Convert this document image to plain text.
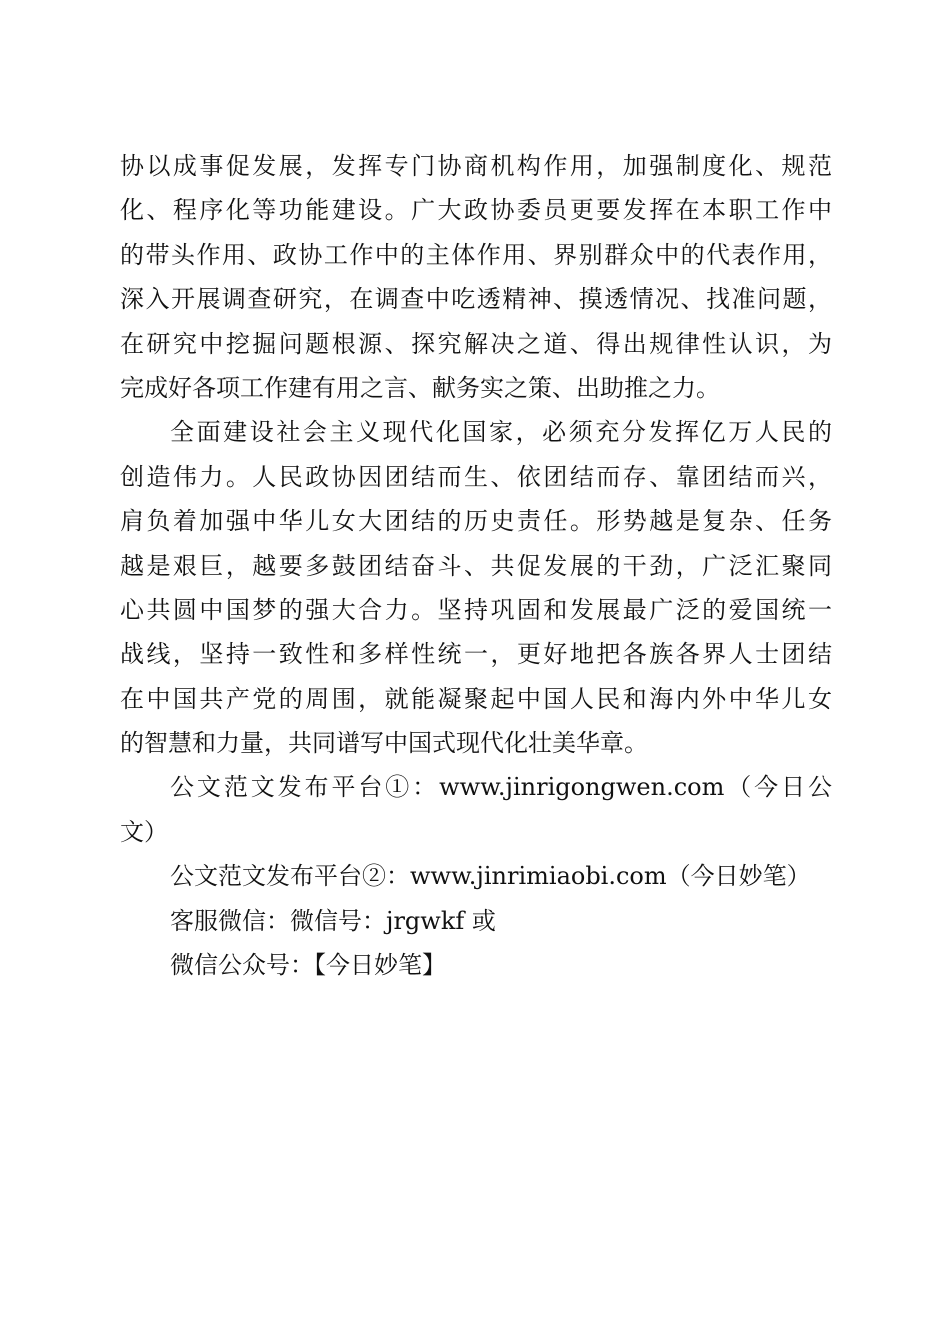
协以成事促发展，发挥专门协商机构作用，加强制度化、规范
化、程序化等功能建设。广大政协委员更要发挥在本职工作中
的带头作用、政协工作中的主体作用、界别群众中的代表作用，
深入开展调查研究，在调查中吃透精神、摸透情况、找准问题，
在研究中挖掘问题根源、探究解决之道、得出规律性认识，为
完成好各项工作建有用之言、献务实之策、出助推之力。
全面建设社会主义现代化国家，必须充分发挥亿万人民的
创造伟力。人民政协因团结而生、依团结而存、靠团结而兴，
肩负着加强中华儿女大团结的历史责任。形势越是复杂、任务
越是艰巨，越要多鼓团结奋斗、共促发展的干劲，广泛汇聚同
心共圆中国梦的强大合力。坚持巩固和发展最广泛的爱国统一
战线，坚持一致性和多样性统一，更好地把各族各界人士团结
在中国共产党的周围，就能凝聚起中国人民和海内外中华儿女
的智慧和力量，共同谱写中国式现代化壮美华章。
公文范文发布平台①：www.jinrigongwen.com（今日公
文）
公文范文发布平台②：www.jinrimiaobi.com（今日妙笔）
客服微信：微信号：jrgwkf 或
微信公众号：【今日妙笔】
